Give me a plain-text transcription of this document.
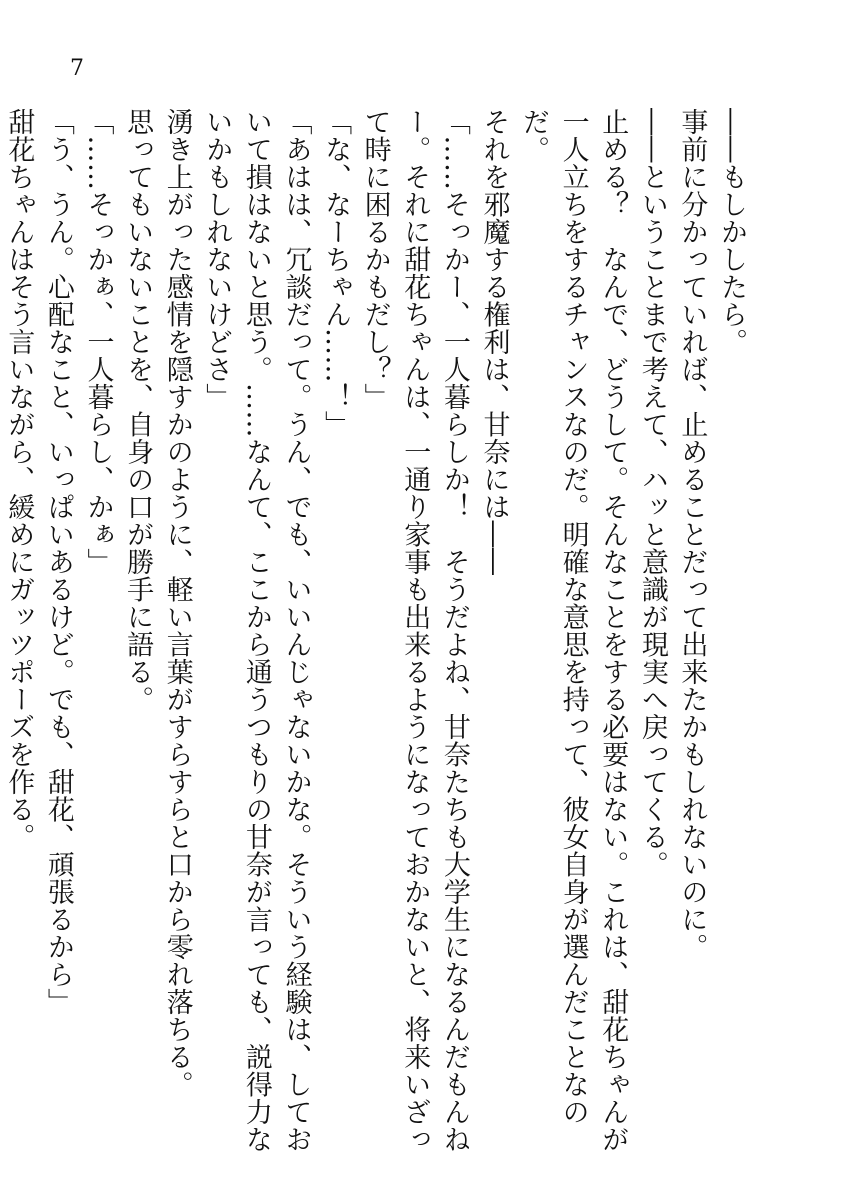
7

――もしかしたら。

事前に分かっていれば、止めることだって出来たかもしれないのに。

――ということまで考えて、ハッと意識が現実へ戻ってくる。

止める？　なんで、どうして。そんなことをする必要はない。これは、甜花ちゃんが一人立ちをするチャンスなのだ。明確な意思を持って、彼女自身が選んだことなのだ。

それを邪魔する権利は、甘奈には――

「……そっかー、一人暮らしか！　そうだよね、甘奈たちも大学生になるんだもんねー。それに甜花ちゃんは、一通り家事も出来るようになっておかないと、将来いざって時に困るかもだし？」

「な、なーちゃん……！」

「あはは、冗談だって。うん、でも、いいんじゃないかな。そういう経験は、しておいて損はないと思う。……なんて、ここから通うつもりの甘奈が言っても、説得力ないかもしれないけどさ」

湧き上がった感情を隠すかのように、軽い言葉がすらすらと口から零れ落ちる。

思ってもいないことを、自身の口が勝手に語る。

「……そっかぁ、一人暮らし、かぁ」

「う、うん。心配なこと、いっぱいあるけど。でも、甜花、頑張るから」

甜花ちゃんはそう言いながら、緩めにガッツポーズを作る。
